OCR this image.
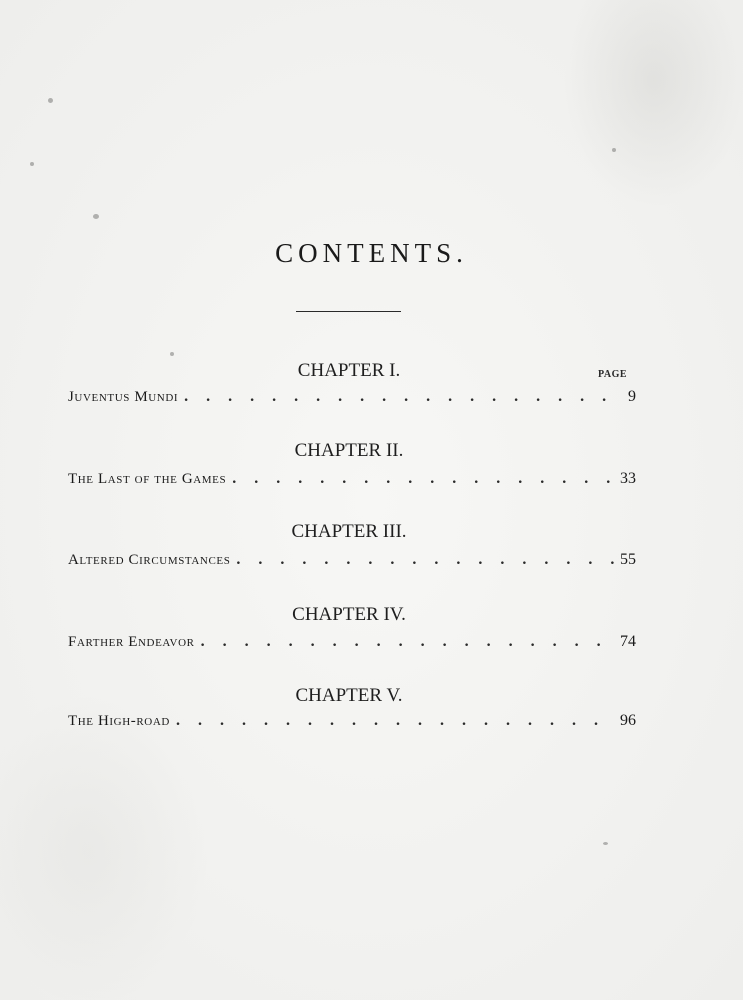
CONTENTS.
PAGE
CHAPTER I.
Juventus Mundi . . .	9
CHAPTER II.
The Last of the Games . . .	33
CHAPTER III.
Altered Circumstances . . .	55
CHAPTER IV.
Farther Endeavor . . .	74
CHAPTER V.
The High-road . . .	96
